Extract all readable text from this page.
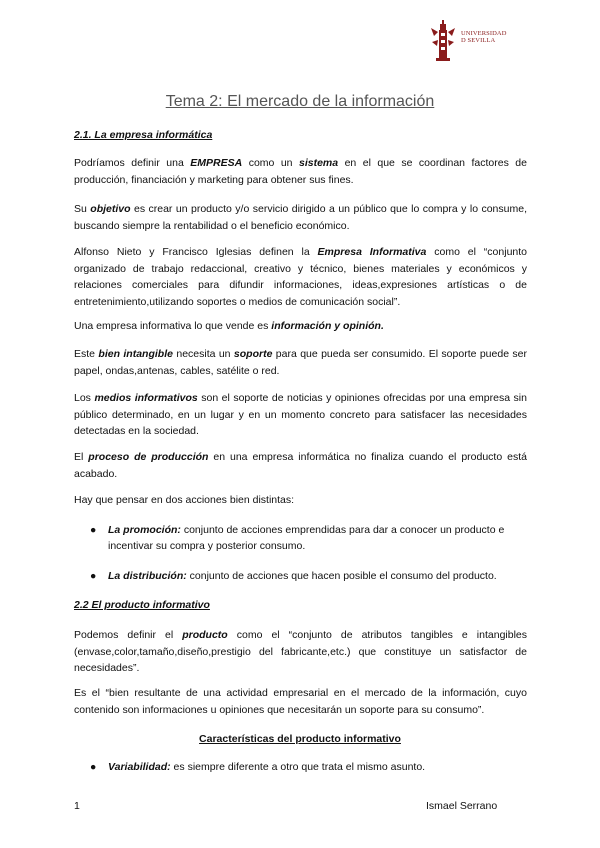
UNIVERSIDAD
D SEVILLA
Tema 2: El mercado de la información
2.1. La empresa informática
Podríamos definir una EMPRESA como un sistema en el que se coordinan factores de producción, financiación y marketing para obtener sus fines.
Su objetivo es crear un producto y/o servicio dirigido a un público que lo compra y lo consume, buscando siempre la rentabilidad o el beneficio económico.
Alfonso Nieto y Francisco Iglesias definen la Empresa Informativa como el “conjunto organizado de trabajo redaccional, creativo y técnico, bienes materiales y económicos y relaciones comerciales para difundir informaciones, ideas,expresiones artísticas o de entretenimiento,utilizando soportes o medios de comunicación social”.
Una empresa informativa lo que vende es información y opinión.
Este bien intangible necesita un soporte para que pueda ser consumido. El soporte puede ser papel, ondas,antenas, cables, satélite o red.
Los medios informativos son el soporte de noticias y opiniones ofrecidas por una empresa sin público determinado, en un lugar y en un momento concreto para satisfacer las necesidades detectadas en la sociedad.
El proceso de producción en una empresa informática no finaliza cuando el producto está acabado.
Hay que pensar en dos acciones bien distintas:
● La promoción: conjunto de acciones emprendidas para dar a conocer un producto e incentivar su compra y posterior consumo.
● La distribución: conjunto de acciones que hacen posible el consumo del producto.
2.2 El producto informativo
Podemos definir el producto como el “conjunto de atributos tangibles e intangibles (envase,color,tamaño,diseño,prestigio del fabricante,etc.) que constituye un satisfactor de necesidades”.
Es el “bien resultante de una actividad empresarial en el mercado de la información, cuyo contenido son informaciones u opiniones que necesitarán un soporte para su consumo”.
Características del producto informativo
● Variabilidad: es siempre diferente a otro que trata el mismo asunto.
1	Ismael Serrano
